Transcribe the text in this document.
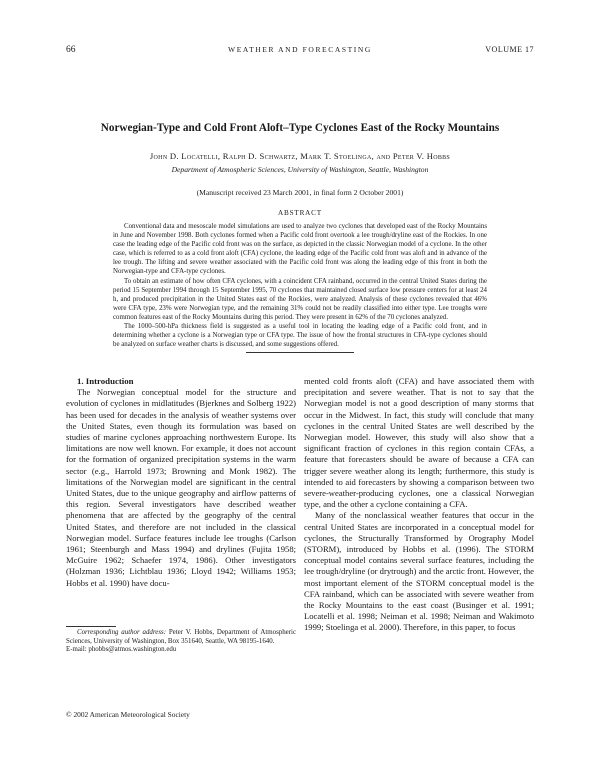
66	WEATHER AND FORECASTING	VOLUME 17
Norwegian-Type and Cold Front Aloft–Type Cyclones East of the Rocky Mountains
John D. Locatelli, Ralph D. Schwartz, Mark T. Stoelinga, and Peter V. Hobbs
Department of Atmospheric Sciences, University of Washington, Seattle, Washington
(Manuscript received 23 March 2001, in final form 2 October 2001)
ABSTRACT

Conventional data and mesoscale model simulations are used to analyze two cyclones that developed east of the Rocky Mountains in June and November 1998. Both cyclones formed when a Pacific cold front overtook a lee trough/dryline east of the Rockies. In one case the leading edge of the Pacific cold front was on the surface, as depicted in the classic Norwegian model of a cyclone. In the other case, which is referred to as a cold front aloft (CFA) cyclone, the leading edge of the Pacific cold front was aloft and in advance of the lee trough. The lifting and severe weather associated with the Pacific cold front was along the leading edge of this front in both the Norwegian-type and CFA-type cyclones.

To obtain an estimate of how often CFA cyclones, with a coincident CFA rainband, occurred in the central United States during the period 15 September 1994 through 15 September 1995, 70 cyclones that maintained closed surface low pressure centers for at least 24 h, and produced precipitation in the United States east of the Rockies, were analyzed. Analysis of these cyclones revealed that 46% were CFA type, 23% were Norwegian type, and the remaining 31% could not be readily classified into either type. Lee troughs were common features east of the Rocky Mountains during this period. They were present in 62% of the 70 cyclones analyzed.

The 1000–500-hPa thickness field is suggested as a useful tool in locating the leading edge of a Pacific cold front, and in determining whether a cyclone is a Norwegian type or CFA type. The issue of how the frontal structures in CFA-type cyclones should be analyzed on surface weather charts is discussed, and some suggestions offered.

1. Introduction

The Norwegian conceptual model for the structure and evolution of cyclones in midlatitudes (Bjerknes and Solberg 1922) has been used for decades in the analysis of weather systems over the United States, even though its formulation was based on studies of marine cyclones approaching northwestern Europe. Its limitations are now well known. For example, it does not account for the formation of organized precipitation systems in the warm sector (e.g., Harrold 1973; Browning and Monk 1982). The limitations of the Norwegian model are significant in the central United States, due to the unique geography and airflow patterns of this region. Several investigators have described weather phenomena that are affected by the geography of the central United States, and therefore are not included in the classical Norwegian model. Surface features include lee troughs (Carlson 1961; Steenburgh and Mass 1994) and drylines (Fujita 1958; McGuire 1962; Schaefer 1974, 1986). Other investigators (Holzman 1936; Lichtblau 1936; Lloyd 1942; Williams 1953; Hobbs et al. 1990) have docu-

mented cold fronts aloft (CFA) and have associated them with precipitation and severe weather. That is not to say that the Norwegian model is not a good description of many storms that occur in the Midwest. In fact, this study will conclude that many cyclones in the central United States are well described by the Norwegian model. However, this study will also show that a significant fraction of cyclones in this region contain CFAs, a feature that forecasters should be aware of because a CFA can trigger severe weather along its length; furthermore, this study is intended to aid forecasters by showing a comparison between two severe-weather-producing cyclones, one a classical Norwegian type, and the other a cyclone containing a CFA.

Many of the nonclassical weather features that occur in the central United States are incorporated in a conceptual model for cyclones, the Structurally Transformed by Orography Model (STORM), introduced by Hobbs et al. (1996). The STORM conceptual model contains several surface features, including the lee trough/dryline (or drytrough) and the arctic front. However, the most important element of the STORM conceptual model is the CFA rainband, which can be associated with severe weather from the Rocky Mountains to the east coast (Businger et al. 1991; Locatelli et al. 1998; Neiman et al. 1998; Neiman and Wakimoto 1999; Stoelinga et al. 2000). Therefore, in this paper, to focus

Corresponding author address: Peter V. Hobbs, Department of Atmospheric Sciences, University of Washington, Box 351640, Seattle, WA 98195-1640.

E-mail: phobbs@atmos.washington.edu

© 2002 American Meteorological Society
